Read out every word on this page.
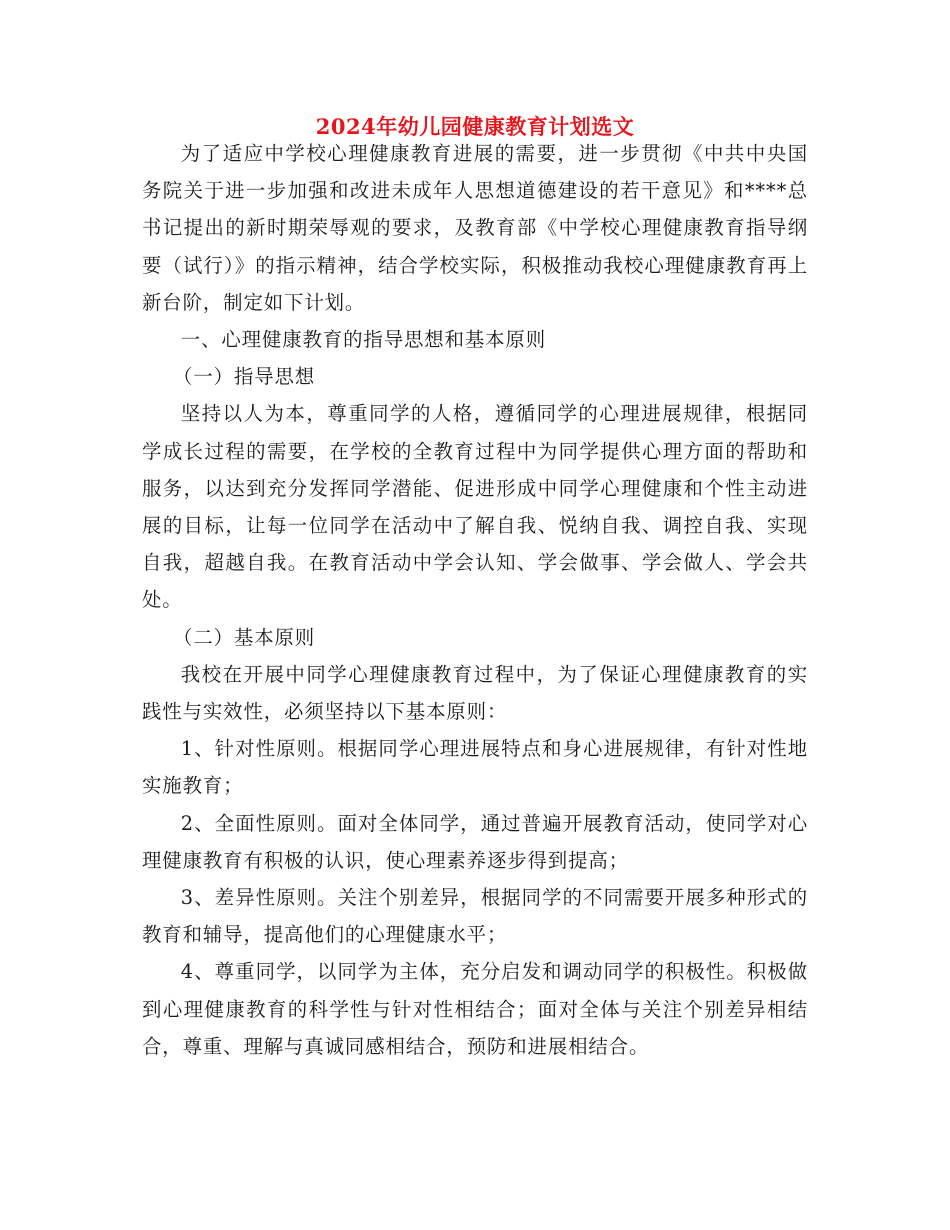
2024年幼儿园健康教育计划选文

为了适应中学校心理健康教育进展的需要，进一步贯彻《中共中央国务院关于进一步加强和改进未成年人思想道德建设的若干意见》和****总书记提出的新时期荣辱观的要求，及教育部《中学校心理健康教育指导纲要（试行）》的指示精神，结合学校实际，积极推动我校心理健康教育再上新台阶，制定如下计划。

一、心理健康教育的指导思想和基本原则

（一）指导思想

坚持以人为本，尊重同学的人格，遵循同学的心理进展规律，根据同学成长过程的需要，在学校的全教育过程中为同学提供心理方面的帮助和服务，以达到充分发挥同学潜能、促进形成中同学心理健康和个性主动进展的目标，让每一位同学在活动中了解自我、悦纳自我、调控自我、实现自我，超越自我。在教育活动中学会认知、学会做事、学会做人、学会共处。

（二）基本原则

我校在开展中同学心理健康教育过程中，为了保证心理健康教育的实践性与实效性，必须坚持以下基本原则：

1、针对性原则。根据同学心理进展特点和身心进展规律，有针对性地实施教育；

2、全面性原则。面对全体同学，通过普遍开展教育活动，使同学对心理健康教育有积极的认识，使心理素养逐步得到提高；

3、差异性原则。关注个别差异，根据同学的不同需要开展多种形式的教育和辅导，提高他们的心理健康水平；

4、尊重同学，以同学为主体，充分启发和调动同学的积极性。积极做到心理健康教育的科学性与针对性相结合；面对全体与关注个别差异相结合，尊重、理解与真诚同感相结合，预防和进展相结合。
